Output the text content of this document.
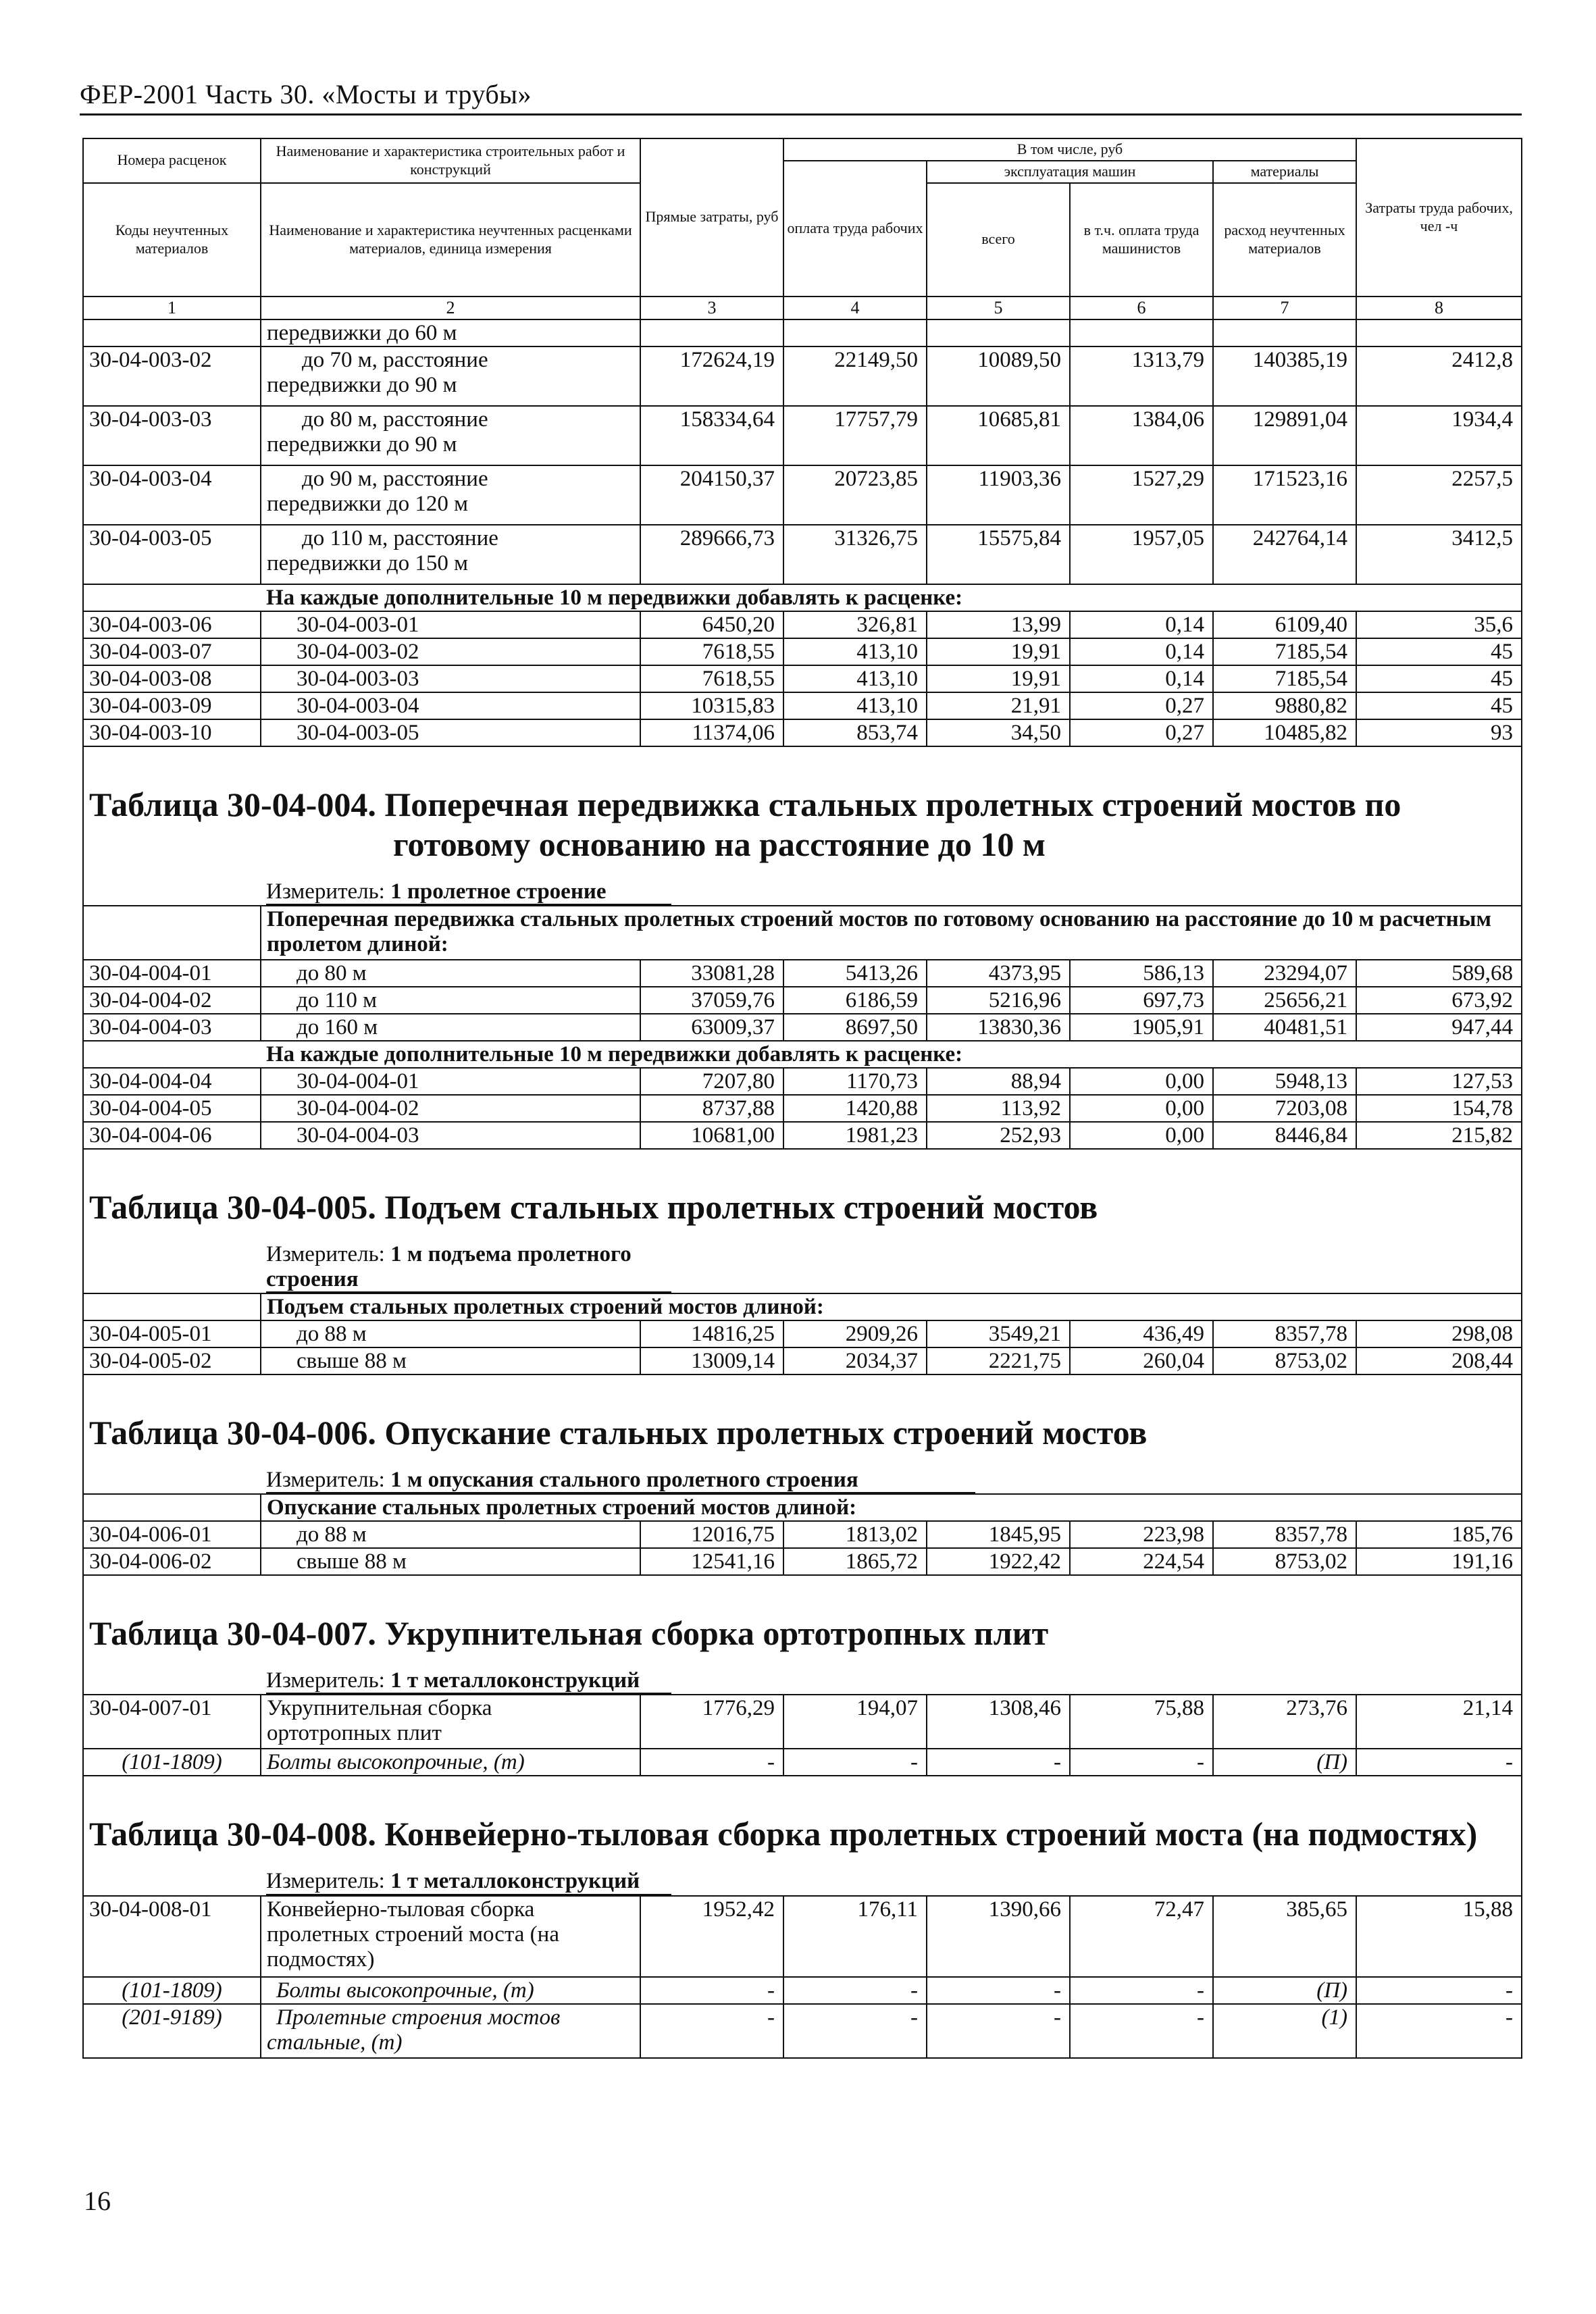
ФЕР-2001 Часть 30. «Мосты и трубы»
Номера расценок	Наименование и характеристика строительных работ и конструкций	Прямые затраты, руб	В том числе, руб				Затраты труда рабочих, чел -ч
			оплата труда рабочих	эксплуатация машин		материалы	
Коды неучтенных материалов	Наименование и характеристика неучтенных расценками материалов, единица измерения			всего	в т.ч. оплата труда машинистов	расход неучтенных материалов	

1	2	3	4	5	6	7	8
	передвижки до 60 м						
30-04-003-02	до 70 м, расстояние
передвижки до 90 м	172624,19	22149,50	10089,50	1313,79	140385,19	2412,8
30-04-003-03	до 80 м, расстояние
передвижки до 90 м	158334,64	17757,79	10685,81	1384,06	129891,04	1934,4
30-04-003-04	до 90 м, расстояние
передвижки до 120 м	204150,37	20723,85	11903,36	1527,29	171523,16	2257,5
30-04-003-05	до 110 м, расстояние
передвижки до 150 м	289666,73	31326,75	15575,84	1957,05	242764,14	3412,5
На каждые дополнительные 10 м передвижки добавлять к расценке:							
30-04-003-06	30-04-003-01	6450,20	326,81	13,99	0,14	6109,40	35,6
30-04-003-07	30-04-003-02	7618,55	413,10	19,91	0,14	7185,54	45
30-04-003-08	30-04-003-03	7618,55	413,10	19,91	0,14	7185,54	45
30-04-003-09	30-04-003-04	10315,83	413,10	21,91	0,27	9880,82	45
30-04-003-10	30-04-003-05	11374,06	853,74	34,50	0,27	10485,82	93
Таблица 30-04-004. Поперечная передвижка стальных пролетных строений мостов по
готовому основанию на расстояние до 10 м							

Измеритель: 1 пролетное строение							

	Поперечная передвижка стальных пролетных строений мостов по готовому основанию на расстояние до 10 м расчетным пролетом длиной:						
30-04-004-01	до 80 м	33081,28	5413,26	4373,95	586,13	23294,07	589,68
30-04-004-02	до 110 м	37059,76	6186,59	5216,96	697,73	25656,21	673,92
30-04-004-03	до 160 м	63009,37	8697,50	13830,36	1905,91	40481,51	947,44
На каждые дополнительные 10 м передвижки добавлять к расценке:							
30-04-004-04	30-04-004-01	7207,80	1170,73	88,94	0,00	5948,13	127,53
30-04-004-05	30-04-004-02	8737,88	1420,88	113,92	0,00	7203,08	154,78
30-04-004-06	30-04-004-03	10681,00	1981,23	252,93	0,00	8446,84	215,82
Таблица 30-04-005. Подъем стальных пролетных строений мостов							

Измеритель: 1 м подъема пролетного строения							

	Подъем стальных пролетных строений мостов длиной:						
30-04-005-01	до 88 м	14816,25	2909,26	3549,21	436,49	8357,78	298,08
30-04-005-02	свыше 88 м	13009,14	2034,37	2221,75	260,04	8753,02	208,44
Таблица 30-04-006. Опускание стальных пролетных строений мостов							

Измеритель: 1 м опускания стального пролетного строения							

	Опускание стальных пролетных строений мостов длиной:						
30-04-006-01	до 88 м	12016,75	1813,02	1845,95	223,98	8357,78	185,76
30-04-006-02	свыше 88 м	12541,16	1865,72	1922,42	224,54	8753,02	191,16
Таблица 30-04-007. Укрупнительная сборка ортотропных плит							

Измеритель: 1 т металлоконструкций							

30-04-007-01	Укрупнительная сборка
ортотропных плит	1776,29	194,07	1308,46	75,88	273,76	21,14
(101-1809)	Болты высокопрочные, (т)	-	-	-	-	(П)	-
Таблица 30-04-008. Конвейерно-тыловая сборка пролетных строений моста (на подмостях)							

Измеритель: 1 т металлоконструкций							

30-04-008-01	Конвейерно-тыловая сборка
пролетных строений моста (на
подмостях)	1952,42	176,11	1390,66	72,47	385,65	15,88
(101-1809)	Болты высокопрочные, (т)	-	-	-	-	(П)	-
(201-9189)	Пролетные строения мостов
стальные, (т)	-	-	-	-	(1)	-
16
